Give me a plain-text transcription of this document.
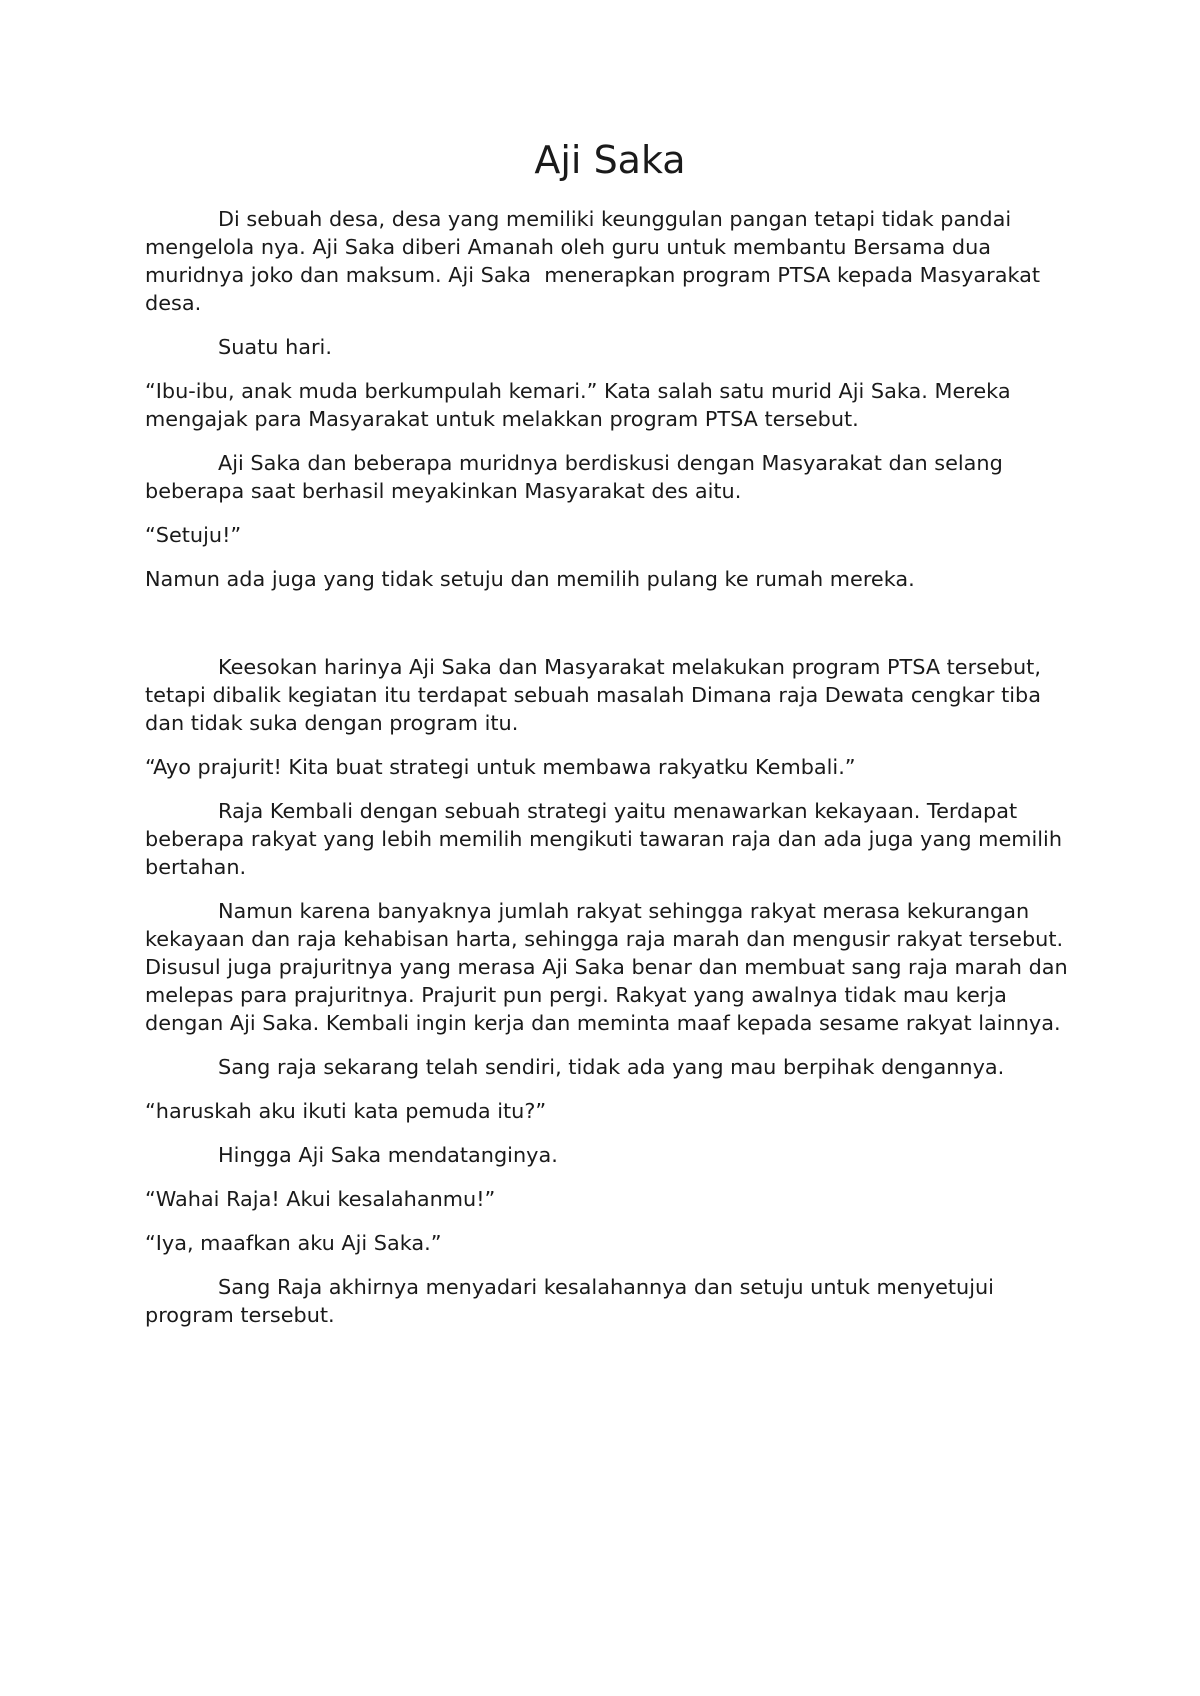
Aji Saka

Di sebuah desa, desa yang memiliki keunggulan pangan tetapi tidak pandai mengelola nya. Aji Saka diberi Amanah oleh guru untuk membantu Bersama dua muridnya joko dan maksum. Aji Saka  menerapkan program PTSA kepada Masyarakat desa.

Suatu hari.

“Ibu-ibu, anak muda berkumpulah kemari.” Kata salah satu murid Aji Saka. Mereka mengajak para Masyarakat untuk melakkan program PTSA tersebut.

Aji Saka dan beberapa muridnya berdiskusi dengan Masyarakat dan selang beberapa saat berhasil meyakinkan Masyarakat des aitu.

“Setuju!”

Namun ada juga yang tidak setuju dan memilih pulang ke rumah mereka.

Keesokan harinya Aji Saka dan Masyarakat melakukan program PTSA tersebut, tetapi dibalik kegiatan itu terdapat sebuah masalah Dimana raja Dewata cengkar tiba dan tidak suka dengan program itu.

“Ayo prajurit! Kita buat strategi untuk membawa rakyatku Kembali.”

Raja Kembali dengan sebuah strategi yaitu menawarkan kekayaan. Terdapat beberapa rakyat yang lebih memilih mengikuti tawaran raja dan ada juga yang memilih bertahan.

Namun karena banyaknya jumlah rakyat sehingga rakyat merasa kekurangan kekayaan dan raja kehabisan harta, sehingga raja marah dan mengusir rakyat tersebut. Disusul juga prajuritnya yang merasa Aji Saka benar dan membuat sang raja marah dan melepas para prajuritnya. Prajurit pun pergi. Rakyat yang awalnya tidak mau kerja dengan Aji Saka. Kembali ingin kerja dan meminta maaf kepada sesame rakyat lainnya.

Sang raja sekarang telah sendiri, tidak ada yang mau berpihak dengannya.

“haruskah aku ikuti kata pemuda itu?”

Hingga Aji Saka mendatanginya.

“Wahai Raja! Akui kesalahanmu!”

“Iya, maafkan aku Aji Saka.”

Sang Raja akhirnya menyadari kesalahannya dan setuju untuk menyetujui program tersebut.
